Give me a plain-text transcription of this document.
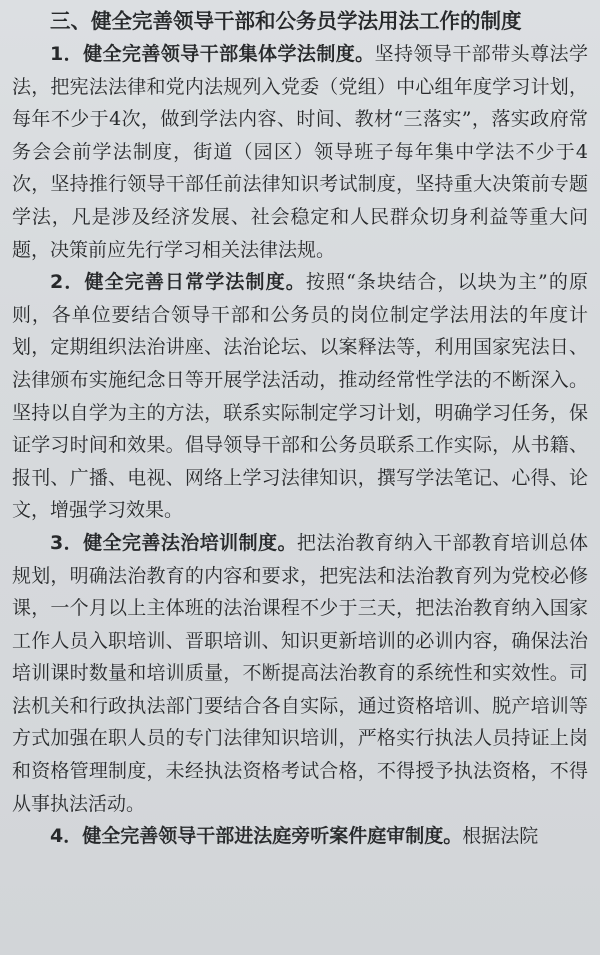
三、健全完善领导干部和公务员学法用法工作的制度

1．健全完善领导干部集体学法制度。坚持领导干部带头尊法学法，把宪法法律和党内法规列入党委（党组）中心组年度学习计划，每年不少于4次，做到学法内容、时间、教材“三落实”，落实政府常务会会前学法制度，街道（园区）领导班子每年集中学法不少于4次，坚持推行领导干部任前法律知识考试制度，坚持重大决策前专题学法，凡是涉及经济发展、社会稳定和人民群众切身利益等重大问题，决策前应先行学习相关法律法规。

2．健全完善日常学法制度。按照“条块结合，以块为主”的原则，各单位要结合领导干部和公务员的岗位制定学法用法的年度计划，定期组织法治讲座、法治论坛、以案释法等，利用国家宪法日、法律颁布实施纪念日等开展学法活动，推动经常性学法的不断深入。坚持以自学为主的方法，联系实际制定学习计划，明确学习任务，保证学习时间和效果。倡导领导干部和公务员联系工作实际，从书籍、报刊、广播、电视、网络上学习法律知识，撰写学法笔记、心得、论文，增强学习效果。

3．健全完善法治培训制度。把法治教育纳入干部教育培训总体规划，明确法治教育的内容和要求，把宪法和法治教育列为党校必修课，一个月以上主体班的法治课程不少于三天，把法治教育纳入国家工作人员入职培训、晋职培训、知识更新培训的必训内容，确保法治培训课时数量和培训质量，不断提高法治教育的系统性和实效性。司法机关和行政执法部门要结合各自实际，通过资格培训、脱产培训等方式加强在职人员的专门法律知识培训，严格实行执法人员持证上岗和资格管理制度，未经执法资格考试合格，不得授予执法资格，不得从事执法活动。

4．健全完善领导干部进法庭旁听案件庭审制度。根据法院
